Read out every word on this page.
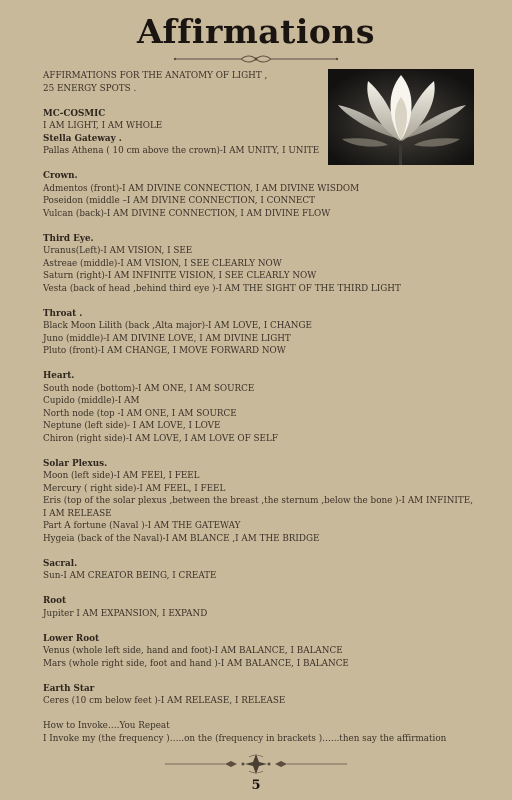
Affirmations
AFFIRMATIONS FOR THE ANATOMY OF LIGHT ,
25 ENERGY SPOTS .
MC-COSMIC
I AM LIGHT, I AM WHOLE
Stella Gateway .
Pallas Athena ( 10 cm above the crown)-I AM UNITY, I UNITE
Crown.
Admentos (front)-I AM DIVINE CONNECTION, I AM DIVINE WISDOM
Poseidon (middle –I AM DIVINE CONNECTION, I CONNECT
Vulcan (back)-I AM DIVINE CONNECTION, I AM DIVINE FLOW
Third Eye.
Uranus(Left)-I AM VISION, I SEE
Astreae (middle)-I AM VISION, I SEE CLEARLY NOW
Saturn (right)-I AM INFINITE VISION, I SEE CLEARLY NOW
Vesta (back of head ,behind third eye )-I AM THE SIGHT OF THE THIRD LIGHT
Throat .
Black Moon Lilith (back ,Alta major)-I AM LOVE, I CHANGE
Juno (middle)-I AM DIVINE LOVE, I AM DIVINE LIGHT
Pluto (front)-I AM CHANGE, I MOVE FORWARD NOW
Heart.
South node (bottom)-I AM ONE, I AM SOURCE
Cupido (middle)-I AM
North node (top -I AM ONE, I AM SOURCE
Neptune (left side)- I AM LOVE, I LOVE
Chiron (right side)-I AM LOVE, I AM LOVE OF SELF
Solar Plexus.
Moon (left side)-I AM FEEl, I FEEL
Mercury ( right side)-I AM FEEL, I FEEL
Eris (top of the solar plexus ,between the breast ,the sternum ,below the bone )-I AM INFINITE, I AM RELEASE
Part A fortune (Naval )-I AM THE GATEWAY
Hygeia (back of the Naval)-I AM BLANCE ,I AM THE BRIDGE
Sacral.
Sun-I AM CREATOR BEING, I CREATE
Root
Jupiter I AM EXPANSION, I EXPAND
Lower Root
Venus (whole left side, hand and foot)-I AM BALANCE, I BALANCE
Mars (whole right side, foot and hand )-I AM BALANCE, I BALANCE
Earth Star
Ceres (10 cm below feet )-I AM RELEASE, I RELEASE
How to Invoke….You Repeat
I Invoke my (the frequency )…..on the (frequency in brackets )…...then say the affirmation
5
